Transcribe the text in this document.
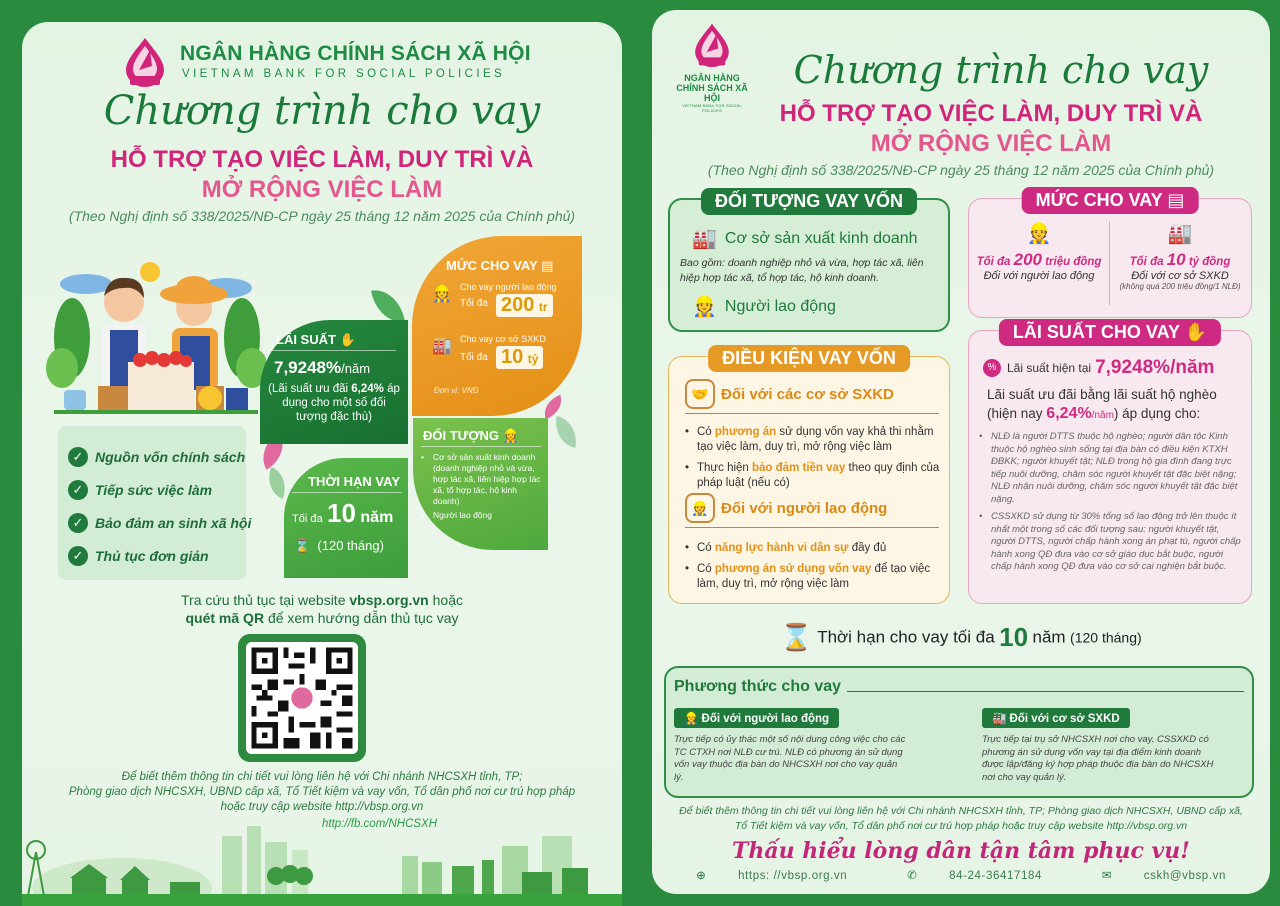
NGÂN HÀNG CHÍNH SÁCH XÃ HỘI
VIETNAM BANK FOR SOCIAL POLICIES
Chương trình cho vay
HỖ TRỢ TẠO VIỆC LÀM, DUY TRÌ VÀ
MỞ RỘNG VIỆC LÀM
(Theo Nghị định số 338/2025/NĐ-CP ngày 25 tháng 12 năm 2025 của Chính phủ)
✓ Nguồn vốn chính sách
✓ Tiếp sức việc làm
✓ Bảo đảm an sinh xã hội
✓ Thủ tục đơn giản
LÃI SUẤT ✋
7,9248%/năm
(Lãi suất ưu đãi 6,24% áp dụng cho một số đối tượng đặc thù)
MỨC CHO VAY ▤
👷 Cho vay người lao động
Tối đa 200 tr
🏭 Cho vay cơ sở SXKD
Tối đa 10 tỷ
Đơn vị: VNĐ
THỜI HẠN VAY
Tối đa 10 năm
⌛ (120 tháng)
ĐỐI TƯỢNG 👷
• Cơ sở sản xuất kinh doanh (doanh nghiệp nhỏ và vừa, hợp tác xã, liên hiệp hợp tác xã, tổ hợp tác, hộ kinh doanh)
• Người lao động
Tra cứu thủ tục tại website vbsp.org.vn hoặc
quét mã QR để xem hướng dẫn thủ tục vay
Để biết thêm thông tin chi tiết vui lòng liên hệ với Chi nhánh NHCSXH tỉnh, TP;
Phòng giao dịch NHCSXH, UBND cấp xã, Tổ Tiết kiệm và vay vốn, Tổ dân phố nơi cư trú hợp pháp
hoặc truy cập website http://vbsp.org.vn
http://fb.com/NHCSXH
NGÂN HÀNG
CHÍNH SÁCH XÃ HỘI
VIETNAM BANK FOR SOCIAL POLICIES
Chương trình cho vay
HỖ TRỢ TẠO VIỆC LÀM, DUY TRÌ VÀ
MỞ RỘNG VIỆC LÀM
(Theo Nghị định số 338/2025/NĐ-CP ngày 25 tháng 12 năm 2025 của Chính phủ)
ĐỐI TƯỢNG VAY VỐN
🏭 Cơ sở sản xuất kinh doanh
Bao gồm: doanh nghiệp nhỏ và vừa, hợp tác xã, liên hiệp hợp tác xã, tổ hợp tác, hộ kinh doanh.
👷 Người lao động
MỨC CHO VAY ▤
👷
Tối đa 200 triệu đồng
Đối với người lao động
🏭
Tối đa 10 tỷ đồng
Đối với cơ sở SXKD
(không quá 200 triệu đồng/1 NLĐ)
ĐIỀU KIỆN VAY VỐN
🤝 Đối với các cơ sở SXKD
• Có phương án sử dụng vốn vay khả thi nhằm tạo việc làm, duy trì, mở rộng việc làm
• Thực hiện bảo đảm tiền vay theo quy định của pháp luật (nếu có)
👷 Đối với người lao động
• Có năng lực hành vi dân sự đầy đủ
• Có phương án sử dụng vốn vay để tạo việc làm, duy trì, mở rộng việc làm
LÃI SUẤT CHO VAY ✋
% Lãi suất hiện tại 7,9248%/năm
Lãi suất ưu đãi bằng lãi suất hộ nghèo
(hiện nay 6,24%/năm) áp dụng cho:
• NLĐ là người DTTS thuộc hộ nghèo; người dân tộc Kinh thuộc hộ nghèo sinh sống tại địa bàn có điều kiện KTXH ĐBKK; người khuyết tật; NLĐ trong hộ gia đình đang trực tiếp nuôi dưỡng, chăm sóc người khuyết tật đặc biệt nặng; NLĐ nhận nuôi dưỡng, chăm sóc người khuyết tật đặc biệt nặng.
• CSSXKD sử dụng từ 30% tổng số lao động trở lên thuộc ít nhất một trong số các đối tượng sau: người khuyết tật, người DTTS, người chấp hành xong án phạt tù, người chấp hành xong QĐ đưa vào cơ sở giáo dục bắt buộc, người chấp hành xong QĐ đưa vào cơ sở cai nghiện bắt buộc.
⌛ Thời hạn cho vay tối đa 10 năm (120 tháng)
Phương thức cho vay
👷 Đối với người lao động
Trực tiếp có ủy thác một số nội dung công việc cho các TC CTXH nơi NLĐ cư trú. NLĐ có phương án sử dụng vốn vay thuộc địa bàn do NHCSXH nơi cho vay quản lý.
🏭 Đối với cơ sở SXKD
Trực tiếp tại trụ sở NHCSXH nơi cho vay. CSSXKD có phương án sử dụng vốn vay tại địa điểm kinh doanh được lập/đăng ký hợp pháp thuộc địa bàn do NHCSXH nơi cho vay quản lý.
Để biết thêm thông tin chi tiết vui lòng liên hệ với Chi nhánh NHCSXH tỉnh, TP; Phòng giao dịch NHCSXH, UBND cấp xã,
Tổ Tiết kiệm và vay vốn, Tổ dân phố nơi cư trú hợp pháp hoặc truy cập website http://vbsp.org.vn
Thấu hiểu lòng dân tận tâm phục vụ!
⊕	https: //vbsp.org.vn	✆	84-24-36417184	✉	cskh@vbsp.vn
